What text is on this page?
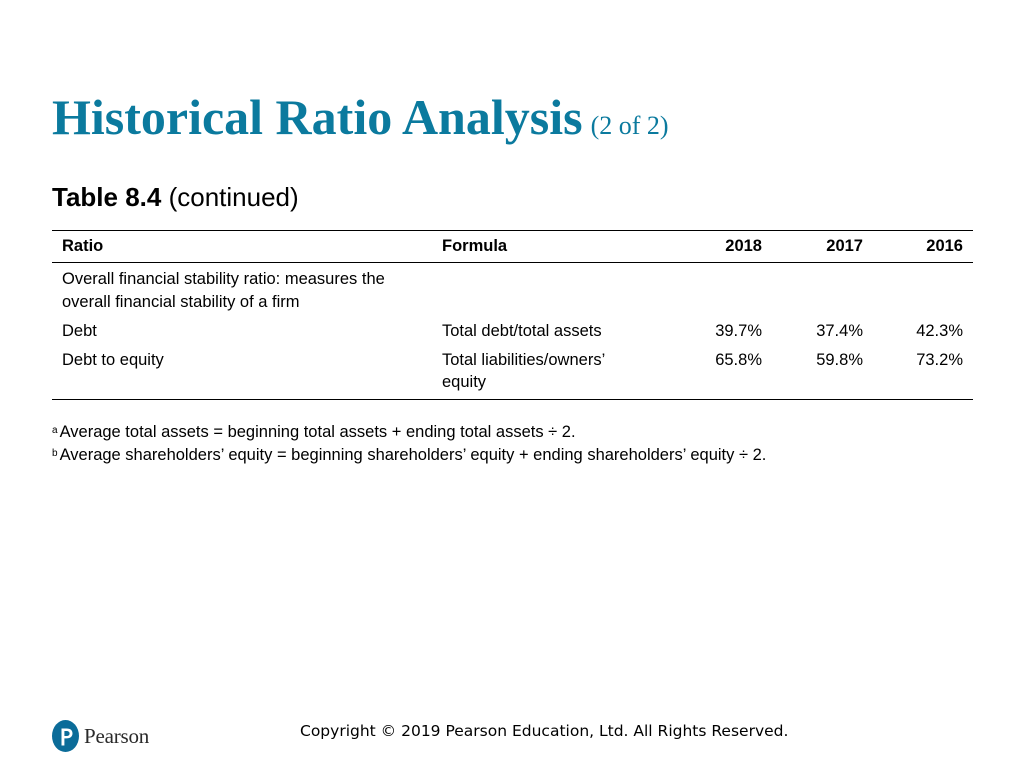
Historical Ratio Analysis (2 of 2)
Table 8.4 (continued)
Ratio	Formula	2018	2017	2016
Overall financial stability ratio: measures the overall financial stability of a firm				
Debt	Total debt/total assets	39.7%	37.4%	42.3%
Debt to equity	Total liabilities/owners’ equity	65.8%	59.8%	73.2%
$^a$ Average total assets = beginning total assets + ending total assets ÷ 2.
$^b$ Average shareholders’ equity = beginning shareholders’ equity + ending shareholders’ equity ÷ 2.
Pearson	Copyright © 2019 Pearson Education, Ltd. All Rights Reserved.
